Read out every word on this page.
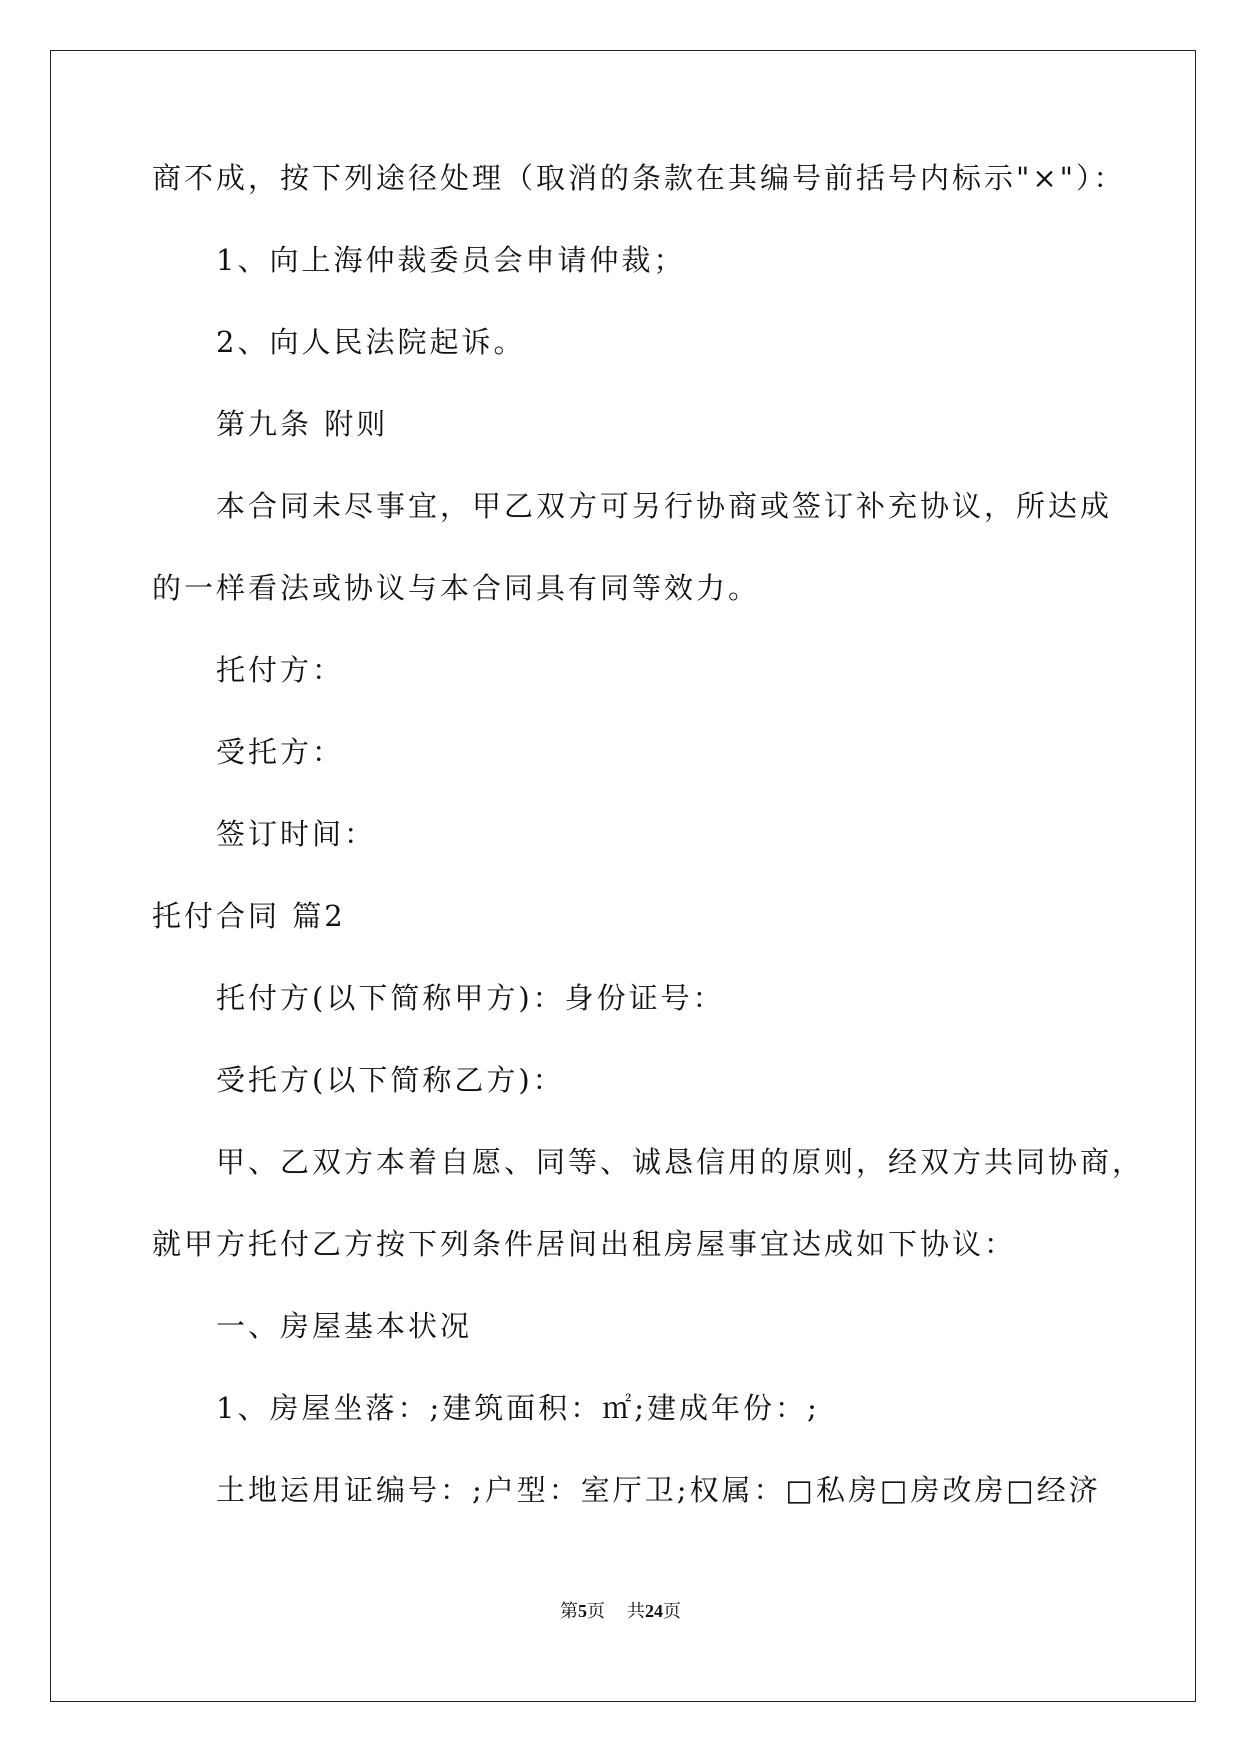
商不成，按下列途径处理（取消的条款在其编号前括号内标示"×"）：

1、向上海仲裁委员会申请仲裁；

2、向人民法院起诉。

第九条 附则

本合同未尽事宜，甲乙双方可另行协商或签订补充协议，所达成

的一样看法或协议与本合同具有同等效力。

托付方：

受托方：

签订时间：

托付合同 篇2

托付方(以下简称甲方)：身份证号：

受托方(以下简称乙方)：

甲、乙双方本着自愿、同等、诚恳信用的原则，经双方共同协商，

就甲方托付乙方按下列条件居间出租房屋事宜达成如下协议：

一、房屋基本状况

1、房屋坐落：;建筑面积：㎡;建成年份：;

土地运用证编号：;户型：室厅卫;权属：□私房□房改房□经济

第5页 共24页
